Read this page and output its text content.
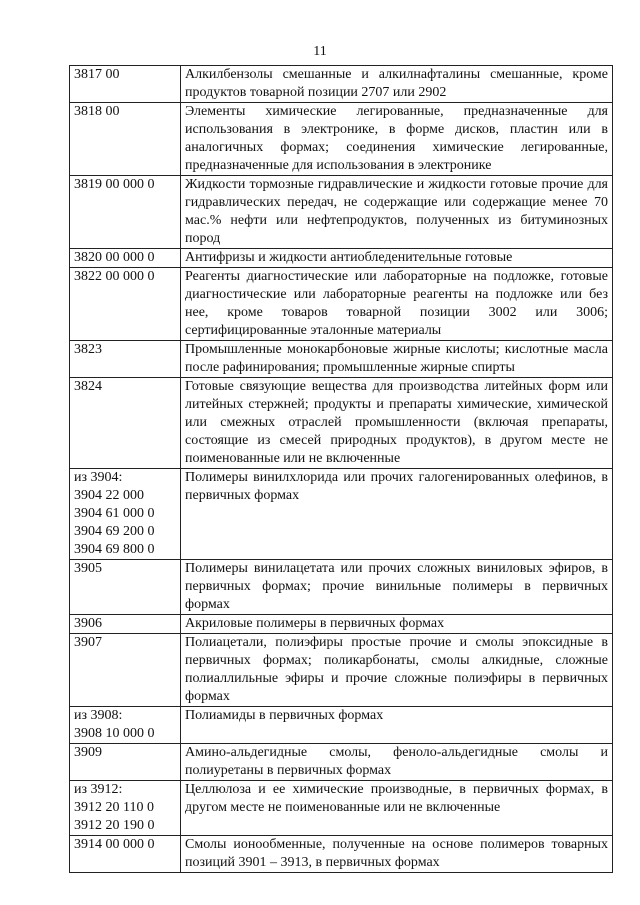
11
3817 00	Алкилбензолы смешанные и алкилнафталины смешанные, кроме продуктов товарной позиции 2707 или 2902

3818 00	Элементы химические легированные, предназначенные для использования в электронике, в форме дисков, пластин или в аналогичных формах; соединения химические легированные, предназначенные для использования в электронике

3819 00 000 0	Жидкости тормозные гидравлические и жидкости готовые прочие для гидравлических передач, не содержащие или содержащие менее 70 мас.% нефти или нефтепродуктов, полученных из битуминозных пород

3820 00 000 0	Антифризы и жидкости антиобледенительные готовые

3822 00 000 0	Реагенты диагностические или лабораторные на подложке, готовые диагностические или лабораторные реагенты на подложке или без нее, кроме товаров товарной позиции 3002 или 3006; сертифицированные эталонные материалы

3823	Промышленные монокарбоновые жирные кислоты; кислотные масла после рафинирования; промышленные жирные спирты

3824	Готовые связующие вещества для производства литейных форм или литейных стержней; продукты и препараты химические, химической или смежных отраслей промышленности (включая препараты, состоящие из смесей природных продуктов), в другом месте не поименованные или не включенные

из 3904:
3904 22 000
3904 61 000 0
3904 69 200 0
3904 69 800 0	Полимеры винилхлорида или прочих галогенированных олефинов, в первичных формах

3905	Полимеры винилацетата или прочих сложных виниловых эфиров, в первичных формах; прочие винильные полимеры в первичных формах

3906	Акриловые полимеры в первичных формах

3907	Полиацетали, полиэфиры простые прочие и смолы эпоксидные в первичных формах; поликарбонаты, смолы алкидные, сложные полиаллильные эфиры и прочие сложные полиэфиры в первичных формах

из 3908:
3908 10 000 0	Полиамиды в первичных формах

3909	Амино-альдегидные смолы, феноло-альдегидные смолы и полиуретаны в первичных формах

из 3912:
3912 20 110 0
3912 20 190 0	Целлюлоза и ее химические производные, в первичных формах, в другом месте не поименованные или не включенные

3914 00 000 0	Смолы ионообменные, полученные на основе полимеров товарных позиций 3901 – 3913, в первичных формах
